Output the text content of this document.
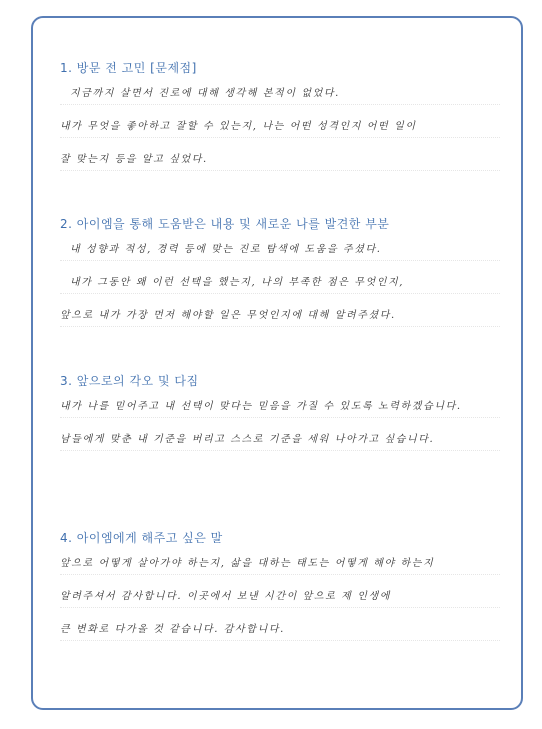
1. 방문 전 고민 [문제점]
지금까지 살면서 진로에 대해 생각해 본적이 없었다.
내가 무엇을 좋아하고 잘할 수 있는지, 나는 어떤 성격인지 어떤 일이
잘 맞는지 등을 알고 싶었다.
2. 아이엠을 통해 도움받은 내용 및 새로운 나를 발견한 부분
내 성향과 적성, 경력 등에 맞는 진로 탐색에 도움을 주셨다.
내가 그동안 왜 이런 선택을 했는지, 나의 부족한 점은 무엇인지,
앞으로 내가 가장 먼저 해야할 일은 무엇인지에 대해 알려주셨다.
3. 앞으로의 각오 및 다짐
내가 나를 믿어주고 내 선택이 맞다는 믿음을 가질 수 있도록 노력하겠습니다.
남들에게 맞춘 내 기준을 버리고 스스로 기준을 세워 나아가고 싶습니다.
4. 아이엠에게 해주고 싶은 말
앞으로 어떻게 살아가야 하는지, 삶을 대하는 태도는 어떻게 해야 하는지
알려주셔서 감사합니다. 이곳에서 보낸 시간이 앞으로 제 인생에
큰 변화로 다가올 것 같습니다. 감사합니다.
